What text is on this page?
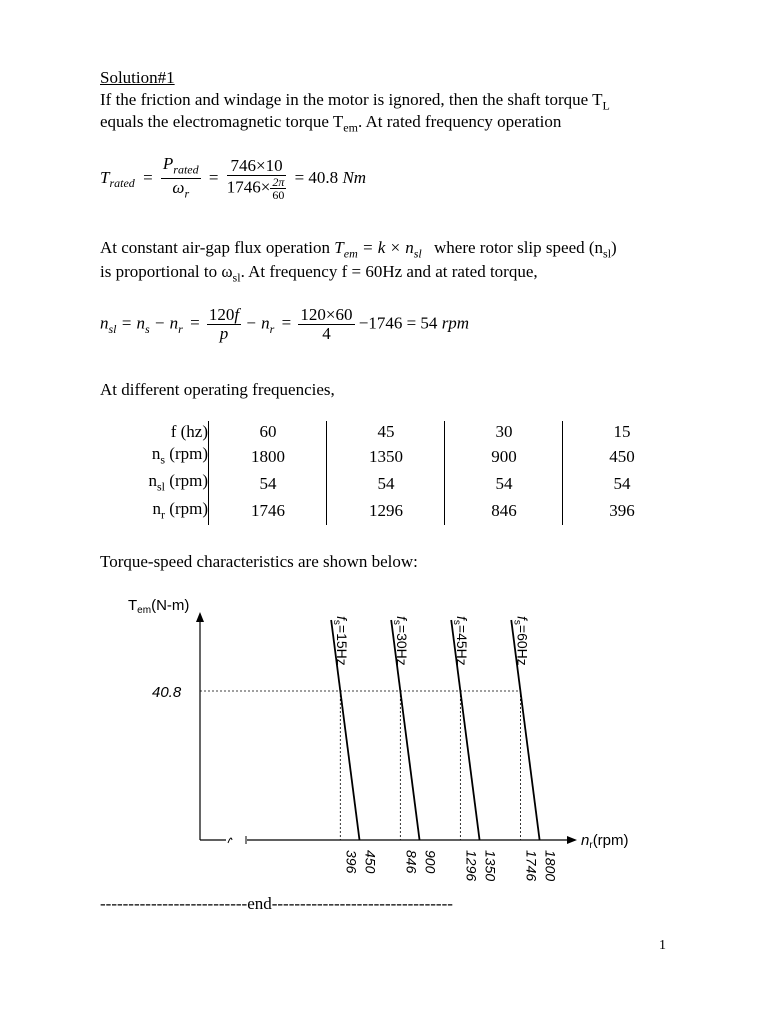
Solution#1
If the friction and windage in the motor is ignored, then the shaft torque $T_L$
equals the electromagnetic torque $T_{em}$. At rated frequency operation
$T_{rated} = \frac{P_{rated}}{\omega_r} = \frac{746\times 10}{1746\times \frac{2\pi}{60}} = 40.8$ Nm
At constant air-gap flux operation $T_{em} = k \times n_{sl}$ where rotor slip speed $(n_{sl})$
is proportional to $\omega_{sl}$. At frequency f = 60Hz and at rated torque,
$n_{sl} = n_s - n_r = \frac{120f}{p} - n_r = \frac{120\times 60}{4} -1746 = 54$ rpm
At different operating frequencies,
f (hz)		60		45		30		15
$n_s$ (rpm)		1800		1350		900		450
$n_{sl}$ (rpm)		54		54		54		54
$n_r$ (rpm)		1746		1296		846		396
Torque-speed characteristics are shown below:
$T_{em}(N-m)$
$n_r(rpm)$
40.8
$f_s=15Hz$
396 450
$f_s=30Hz$
846 900
$f_s=45Hz$
1296 1350
$f_s=60Hz$
1746 1800
--------------------------end--------------------------------
1
